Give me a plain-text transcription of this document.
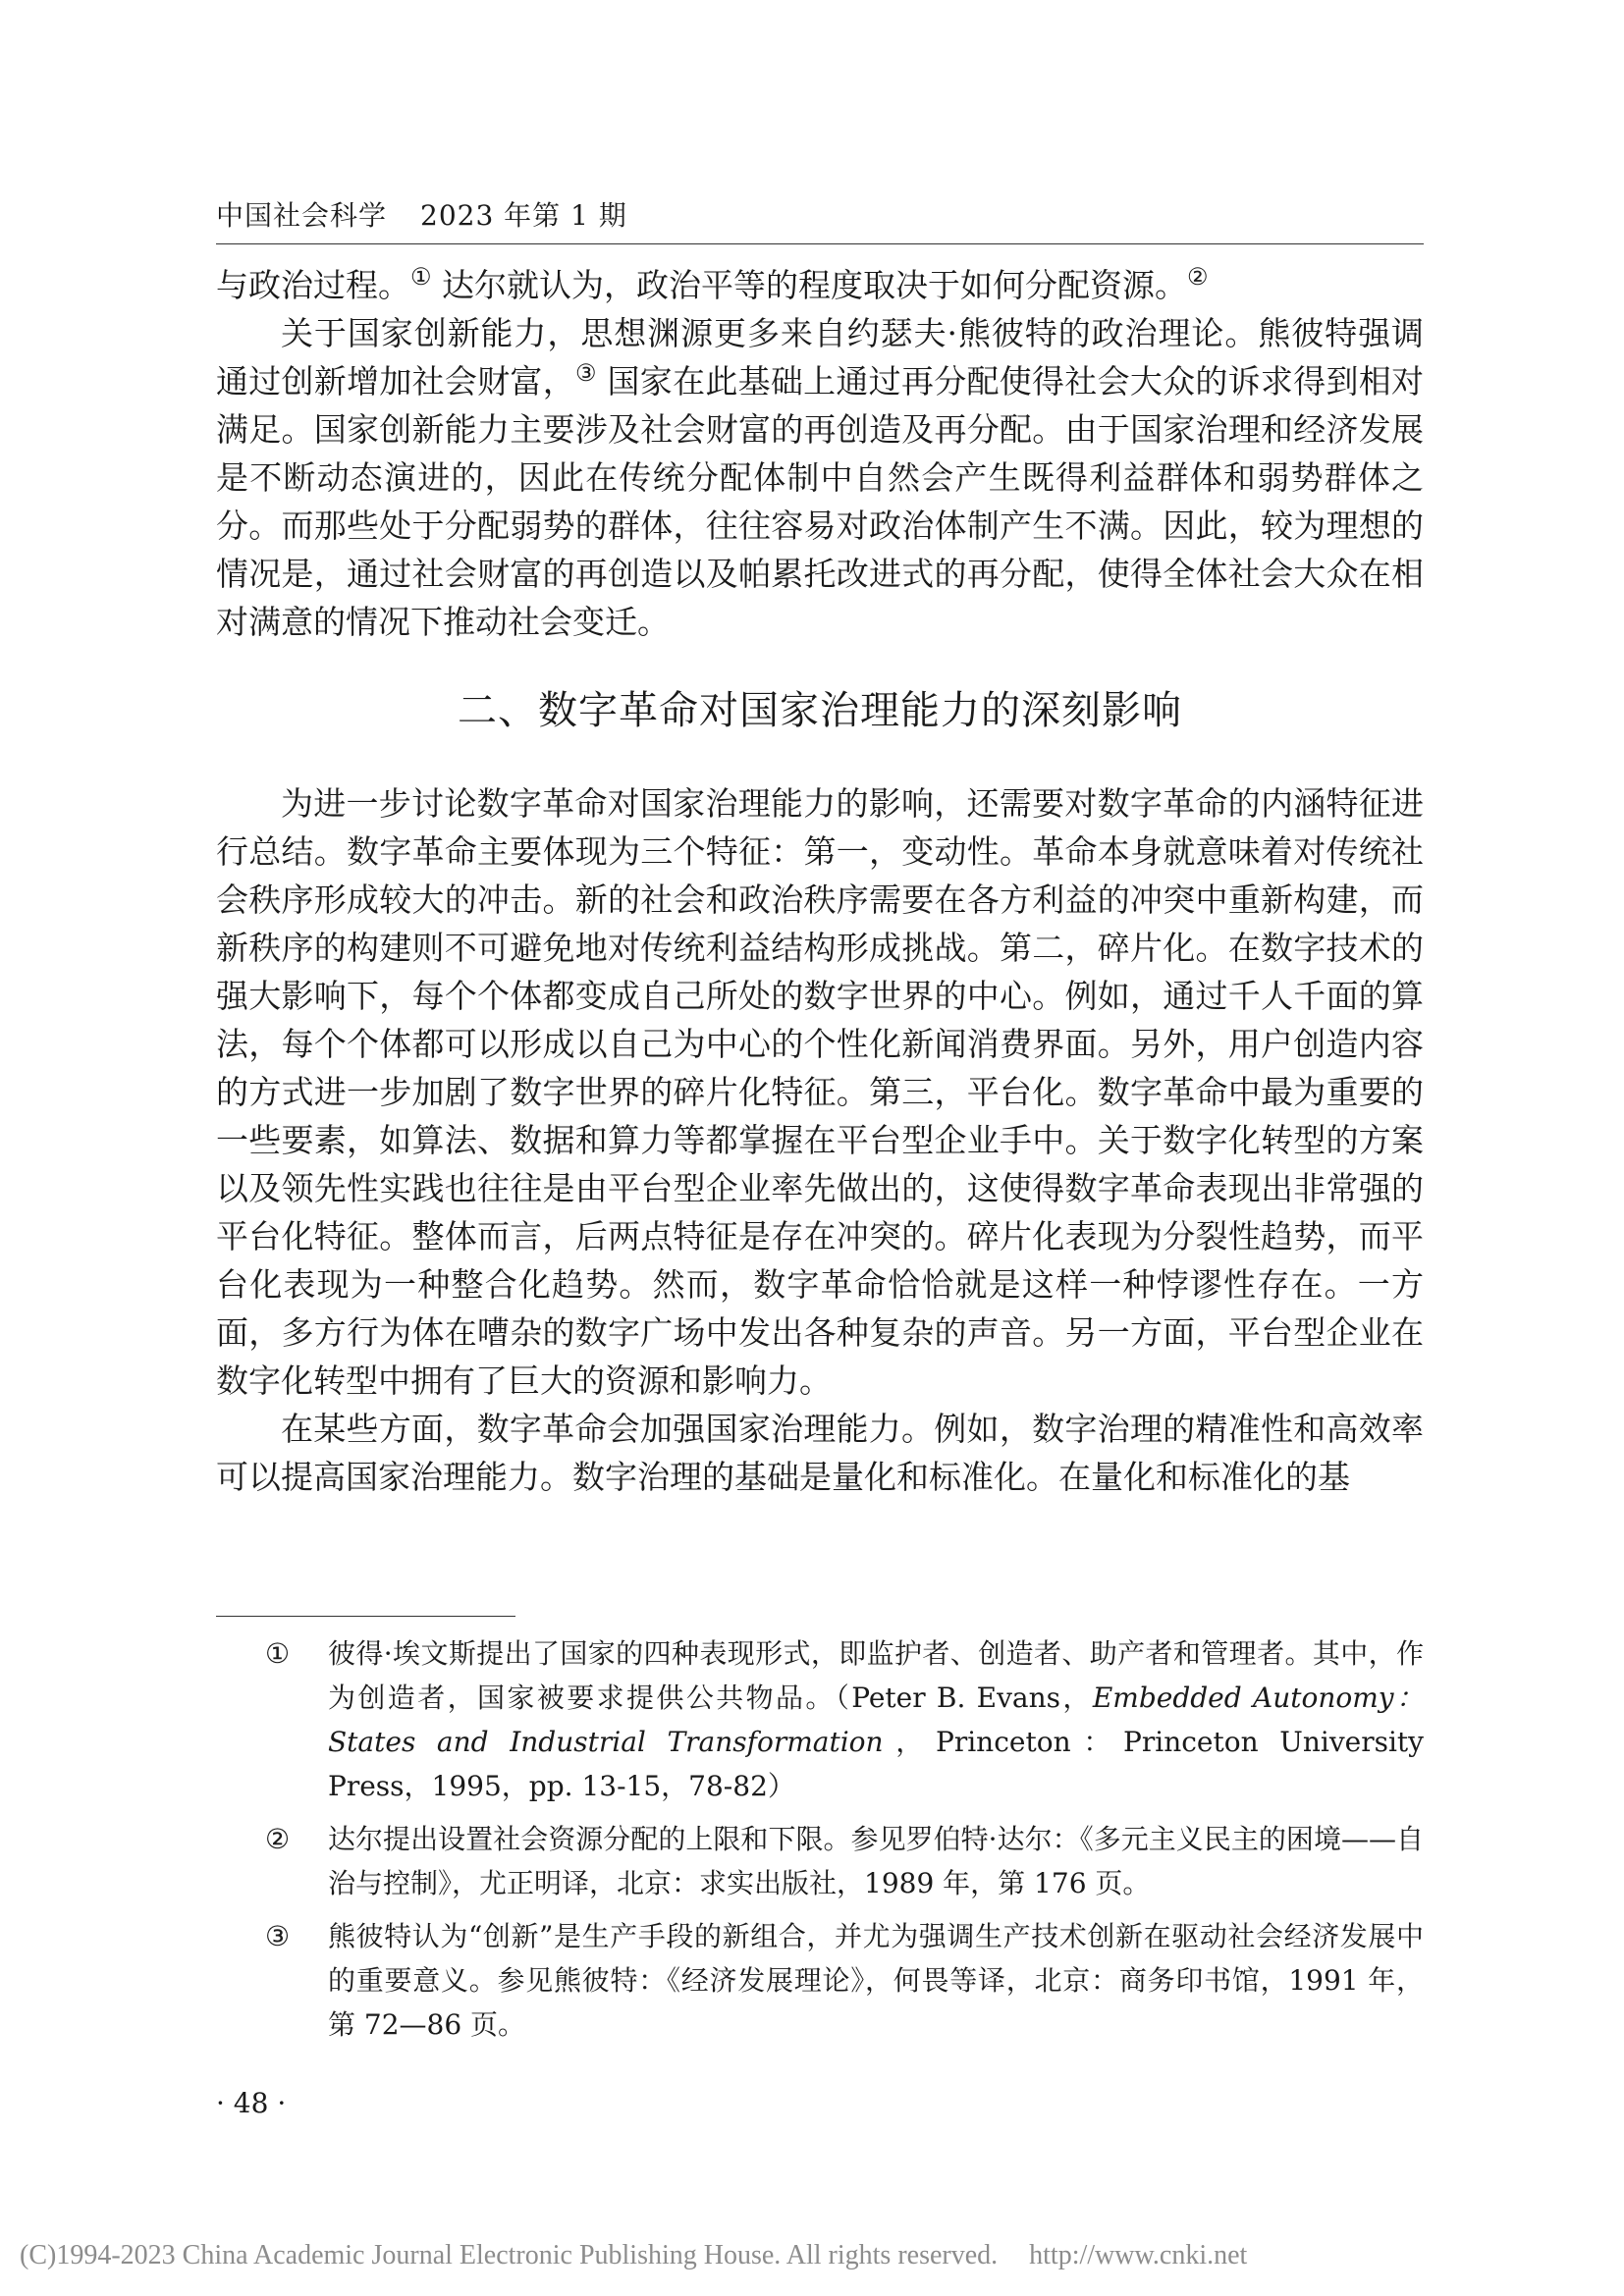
中国社会科学 2023 年第 1 期

与政治过程。① 达尔就认为，政治平等的程度取决于如何分配资源。②

关于国家创新能力，思想渊源更多来自约瑟夫·熊彼特的政治理论。熊彼特强调通过创新增加社会财富，③ 国家在此基础上通过再分配使得社会大众的诉求得到相对满足。国家创新能力主要涉及社会财富的再创造及再分配。由于国家治理和经济发展是不断动态演进的，因此在传统分配体制中自然会产生既得利益群体和弱势群体之分。而那些处于分配弱势的群体，往往容易对政治体制产生不满。因此，较为理想的情况是，通过社会财富的再创造以及帕累托改进式的再分配，使得全体社会大众在相对满意的情况下推动社会变迁。

二、数字革命对国家治理能力的深刻影响

为进一步讨论数字革命对国家治理能力的影响，还需要对数字革命的内涵特征进行总结。数字革命主要体现为三个特征：第一，变动性。革命本身就意味着对传统社会秩序形成较大的冲击。新的社会和政治秩序需要在各方利益的冲突中重新构建，而新秩序的构建则不可避免地对传统利益结构形成挑战。第二，碎片化。在数字技术的强大影响下，每个个体都变成自己所处的数字世界的中心。例如，通过千人千面的算法，每个个体都可以形成以自己为中心的个性化新闻消费界面。另外，用户创造内容的方式进一步加剧了数字世界的碎片化特征。第三，平台化。数字革命中最为重要的一些要素，如算法、数据和算力等都掌握在平台型企业手中。关于数字化转型的方案以及领先性实践也往往是由平台型企业率先做出的，这使得数字革命表现出非常强的平台化特征。整体而言，后两点特征是存在冲突的。碎片化表现为分裂性趋势，而平台化表现为一种整合化趋势。然而，数字革命恰恰就是这样一种悖谬性存在。一方面，多方行为体在嘈杂的数字广场中发出各种复杂的声音。另一方面，平台型企业在数字化转型中拥有了巨大的资源和影响力。

在某些方面，数字革命会加强国家治理能力。例如，数字治理的精准性和高效率可以提高国家治理能力。数字治理的基础是量化和标准化。在量化和标准化的基

①	彼得·埃文斯提出了国家的四种表现形式，即监护者、创造者、助产者和管理者。其中，作为创造者，国家被要求提供公共物品。（Peter B. Evans，Embedded Autonomy：States and Industrial Transformation，Princeton：Princeton University Press，1995，pp. 13-15，78-82）
②	达尔提出设置社会资源分配的上限和下限。参见罗伯特·达尔：《多元主义民主的困境——自治与控制》，尤正明译，北京：求实出版社，1989 年，第 176 页。
③	熊彼特认为“创新”是生产手段的新组合，并尤为强调生产技术创新在驱动社会经济发展中的重要意义。参见熊彼特：《经济发展理论》，何畏等译，北京：商务印书馆，1991 年，第 72—86 页。
· 48 ·
(C)1994-2023 China Academic Journal Electronic Publishing House. All rights reserved. http://www.cnki.net
